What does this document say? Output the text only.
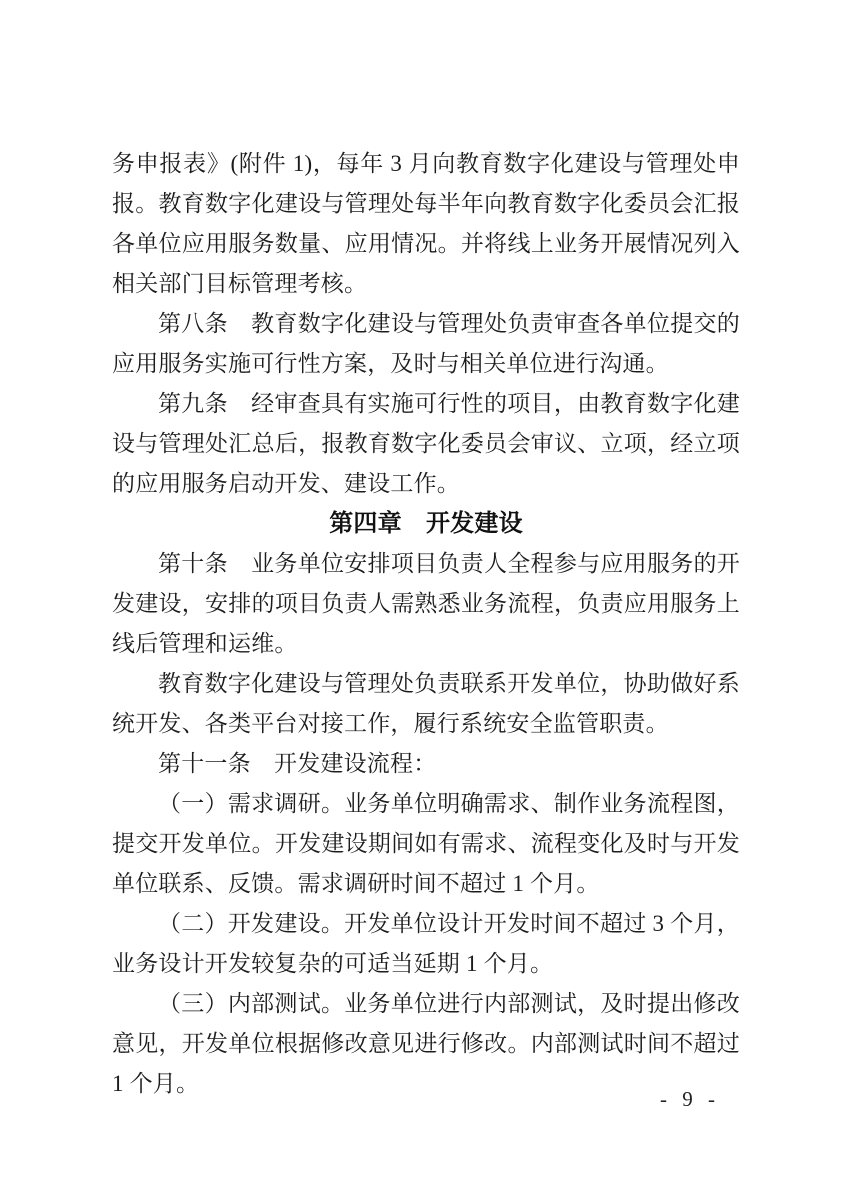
务申报表》(附件 1)，每年 3 月向教育数字化建设与管理处申报。教育数字化建设与管理处每半年向教育数字化委员会汇报各单位应用服务数量、应用情况。并将线上业务开展情况列入相关部门目标管理考核。

第八条　教育数字化建设与管理处负责审查各单位提交的应用服务实施可行性方案，及时与相关单位进行沟通。

第九条　经审查具有实施可行性的项目，由教育数字化建设与管理处汇总后，报教育数字化委员会审议、立项，经立项的应用服务启动开发、建设工作。

第四章　开发建设

第十条　业务单位安排项目负责人全程参与应用服务的开发建设，安排的项目负责人需熟悉业务流程，负责应用服务上线后管理和运维。

教育数字化建设与管理处负责联系开发单位，协助做好系统开发、各类平台对接工作，履行系统安全监管职责。

第十一条　开发建设流程：

（一）需求调研。业务单位明确需求、制作业务流程图，提交开发单位。开发建设期间如有需求、流程变化及时与开发单位联系、反馈。需求调研时间不超过 1 个月。

（二）开发建设。开发单位设计开发时间不超过 3 个月，业务设计开发较复杂的可适当延期 1 个月。

（三）内部测试。业务单位进行内部测试，及时提出修改意见，开发单位根据修改意见进行修改。内部测试时间不超过 1 个月。

- 9 -
